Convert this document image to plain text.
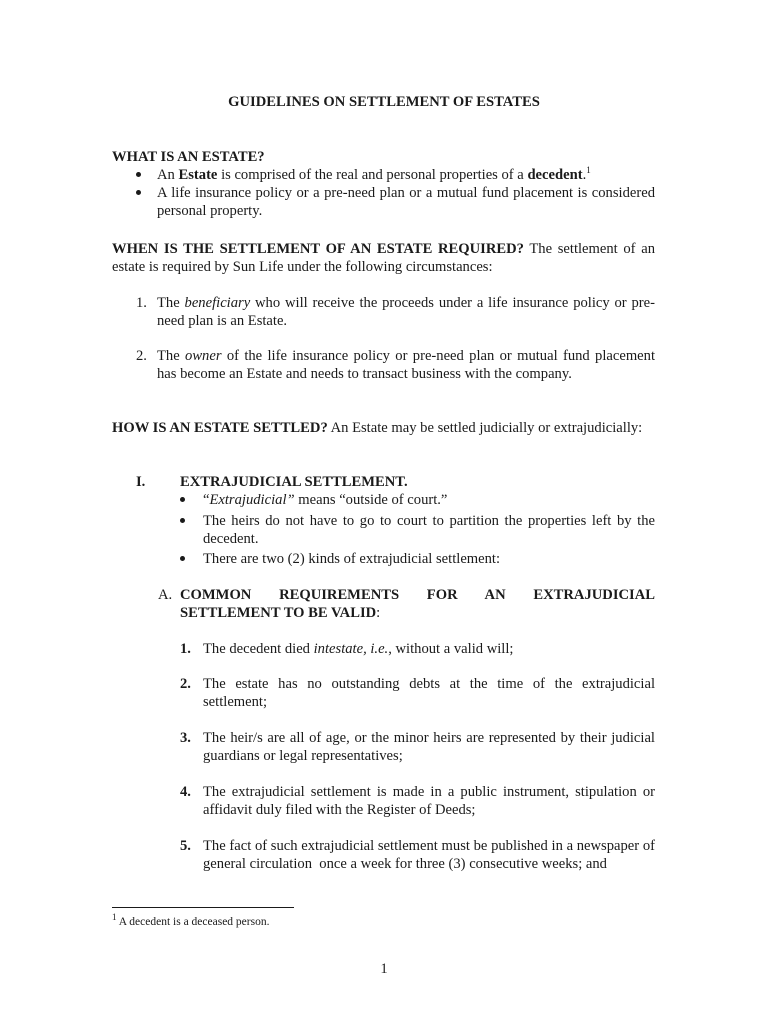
GUIDELINES ON SETTLEMENT OF ESTATES
WHAT IS AN ESTATE?
An Estate is comprised of the real and personal properties of a decedent.$^1$
A life insurance policy or a pre-need plan or a mutual fund placement is considered personal property.
WHEN IS THE SETTLEMENT OF AN ESTATE REQUIRED? The settlement of an estate is required by Sun Life under the following circumstances:
1. The beneficiary who will receive the proceeds under a life insurance policy or pre-need plan is an Estate.
2. The owner of the life insurance policy or pre-need plan or mutual fund placement has become an Estate and needs to transact business with the company.
HOW IS AN ESTATE SETTLED? An Estate may be settled judicially or extrajudicially:
I. EXTRAJUDICIAL SETTLEMENT.
“Extrajudicial” means “outside of court.”
The heirs do not have to go to court to partition the properties left by the decedent.
There are two (2) kinds of extrajudicial settlement:
A. COMMON REQUIREMENTS FOR AN EXTRAJUDICIAL SETTLEMENT TO BE VALID:
1. The decedent died intestate, i.e., without a valid will;
2. The estate has no outstanding debts at the time of the extrajudicial settlement;
3. The heir/s are all of age, or the minor heirs are represented by their judicial guardians or legal representatives;
4. The extrajudicial settlement is made in a public instrument, stipulation or affidavit duly filed with the Register of Deeds;
5. The fact of such extrajudicial settlement must be published in a newspaper of general circulation  once a week for three (3) consecutive weeks; and
$^1$ A decedent is a deceased person.
1
